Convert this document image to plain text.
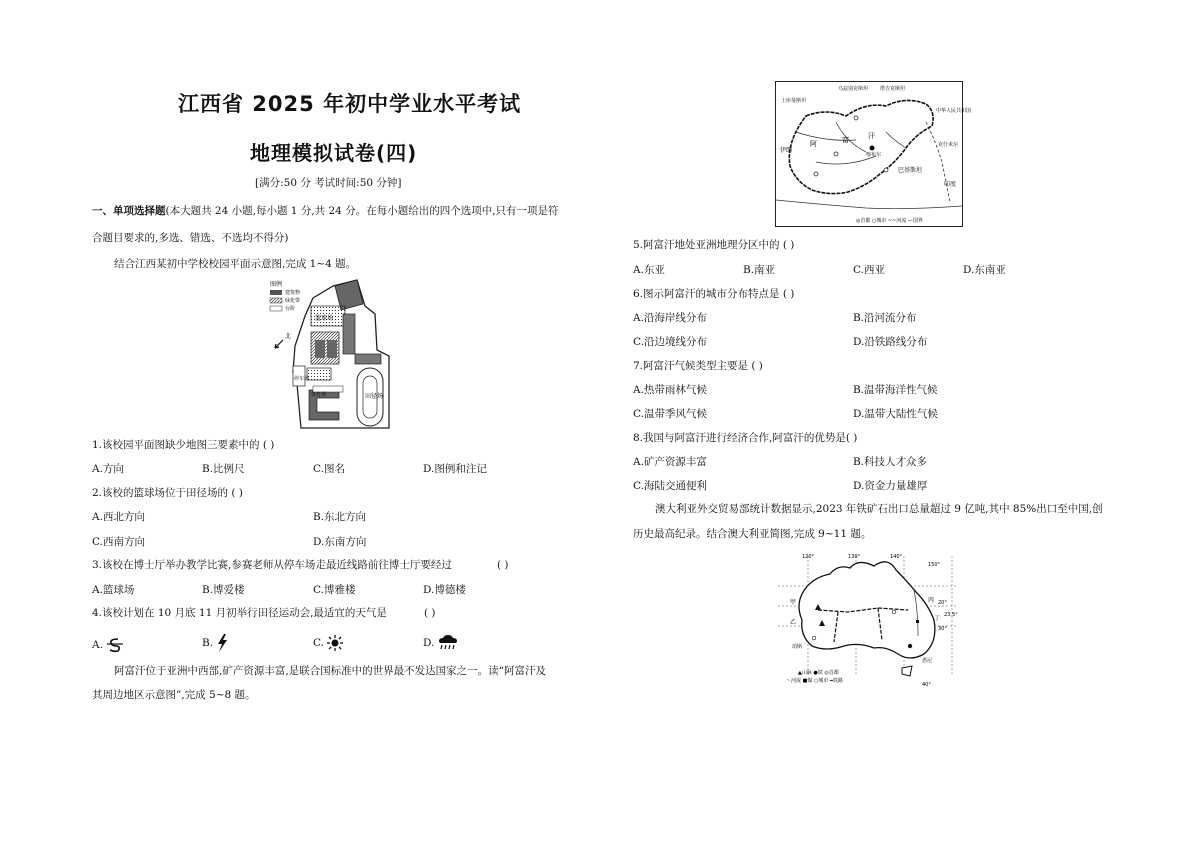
江西省 2025 年初中学业水平考试
地理模拟试卷(四)
[满分:50 分 考试时间:50 分钟]
一、单项选择题(本大题共 24 小题,每小题 1 分,共 24 分。在每小题给出的四个选项中,只有一项是符
合题目要求的,多选、错选、不选均不得分)
结合江西某初中学校校园平面示意图,完成 1~4 题。
北
图例
建筑物
绿化带
台阶
篮球场
田径场
体育场
停车场
1.该校园平面图缺少地图三要素中的 ( )
A.方向	B.比例尺	C.图名	D.图例和注记
2.该校的篮球场位于田径场的 ( )
A.西北方向	B.东北方向
C.西南方向	D.东南方向
3.该校在博士厅举办教学比赛,参赛老师从停车场走最近线路前往博士厅要经过	( )
A.篮球场	B.博爱楼	C.博雅楼	D.博德楼
4.该校计划在 10 月底 11 月初举行田径运动会,最适宜的天气是	( )
A.	B.	C.	D.
阿富汗位于亚洲中西部,矿产资源丰富,是联合国标准中的世界最不发达国家之一。读“阿富汗及
其周边地区示意图”,完成 5~8 题。
土库曼斯坦
乌兹别克斯坦 塔吉克斯坦
伊朗
阿	富	汗
喀布尔
巴基斯坦
印度
克什米尔
中华人民共和国
◎首都 ○城市 ~~河流 —国界
5.阿富汗地处亚洲地理分区中的 ( )
A.东亚	B.南亚	C.西亚	D.东南亚
6.图示阿富汗的城市分布特点是 ( )
A.沿海岸线分布	B.沿河流分布
C.沿边境线分布	D.沿铁路线分布
7.阿富汗气候类型主要是 ( )
A.热带雨林气候	B.温带海洋性气候
C.温带季风气候	D.温带大陆性气候
8.我国与阿富汗进行经济合作,阿富汗的优势是( )
A.矿产资源丰富	B.科技人才众多
C.海陆交通便利	D.资金力量雄厚
澳大利亚外交贸易部统计数据显示,2023 年铁矿石出口总量超过 9 亿吨,其中 85%出口至中国,创
历史最高纪录。结合澳大利亚简图,完成 9~11 题。
120°	130°	140°
150°
20°
23.5°
30°
40°
甲
乙
丙
丁
悉尼
珀斯
▲山脉 ●铁 ◎首都
～河流 ■煤 ○城市 ━铁路
